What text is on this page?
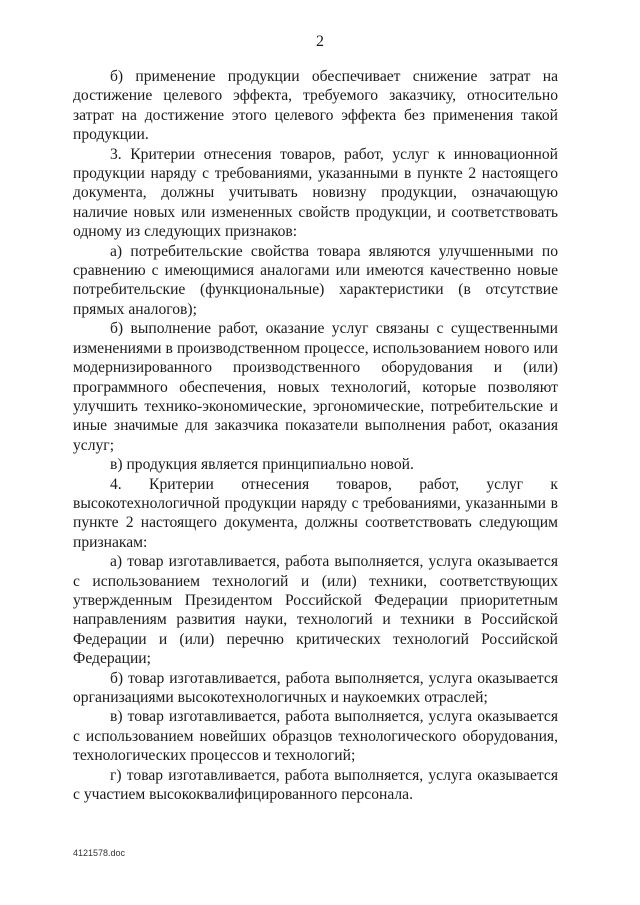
2

б) применение продукции обеспечивает снижение затрат на достижение целевого эффекта, требуемого заказчику, относительно затрат на достижение этого целевого эффекта без применения такой продукции.

3. Критерии отнесения товаров, работ, услуг к инновационной продукции наряду с требованиями, указанными в пункте 2 настоящего документа, должны учитывать новизну продукции, означающую наличие новых или измененных свойств продукции, и соответствовать одному из следующих признаков:

а) потребительские свойства товара являются улучшенными по сравнению с имеющимися аналогами или имеются качественно новые потребительские (функциональные) характеристики (в отсутствие прямых аналогов);

б) выполнение работ, оказание услуг связаны с существенными изменениями в производственном процессе, использованием нового или модернизированного производственного оборудования и (или) программного обеспечения, новых технологий, которые позволяют улучшить технико-экономические, эргономические, потребительские и иные значимые для заказчика показатели выполнения работ, оказания услуг;

в) продукция является принципиально новой.

4. Критерии отнесения товаров, работ, услуг к высокотехнологичной продукции наряду с требованиями, указанными в пункте 2 настоящего документа, должны соответствовать следующим признакам:

а) товар изготавливается, работа выполняется, услуга оказывается с использованием технологий и (или) техники, соответствующих утвержденным Президентом Российской Федерации приоритетным направлениям развития науки, технологий и техники в Российской Федерации и (или) перечню критических технологий Российской Федерации;

б) товар изготавливается, работа выполняется, услуга оказывается организациями высокотехнологичных и наукоемких отраслей;

в) товар изготавливается, работа выполняется, услуга оказывается с использованием новейших образцов технологического оборудования, технологических процессов и технологий;

г) товар изготавливается, работа выполняется, услуга оказывается с участием высококвалифицированного персонала.

4121578.doc
